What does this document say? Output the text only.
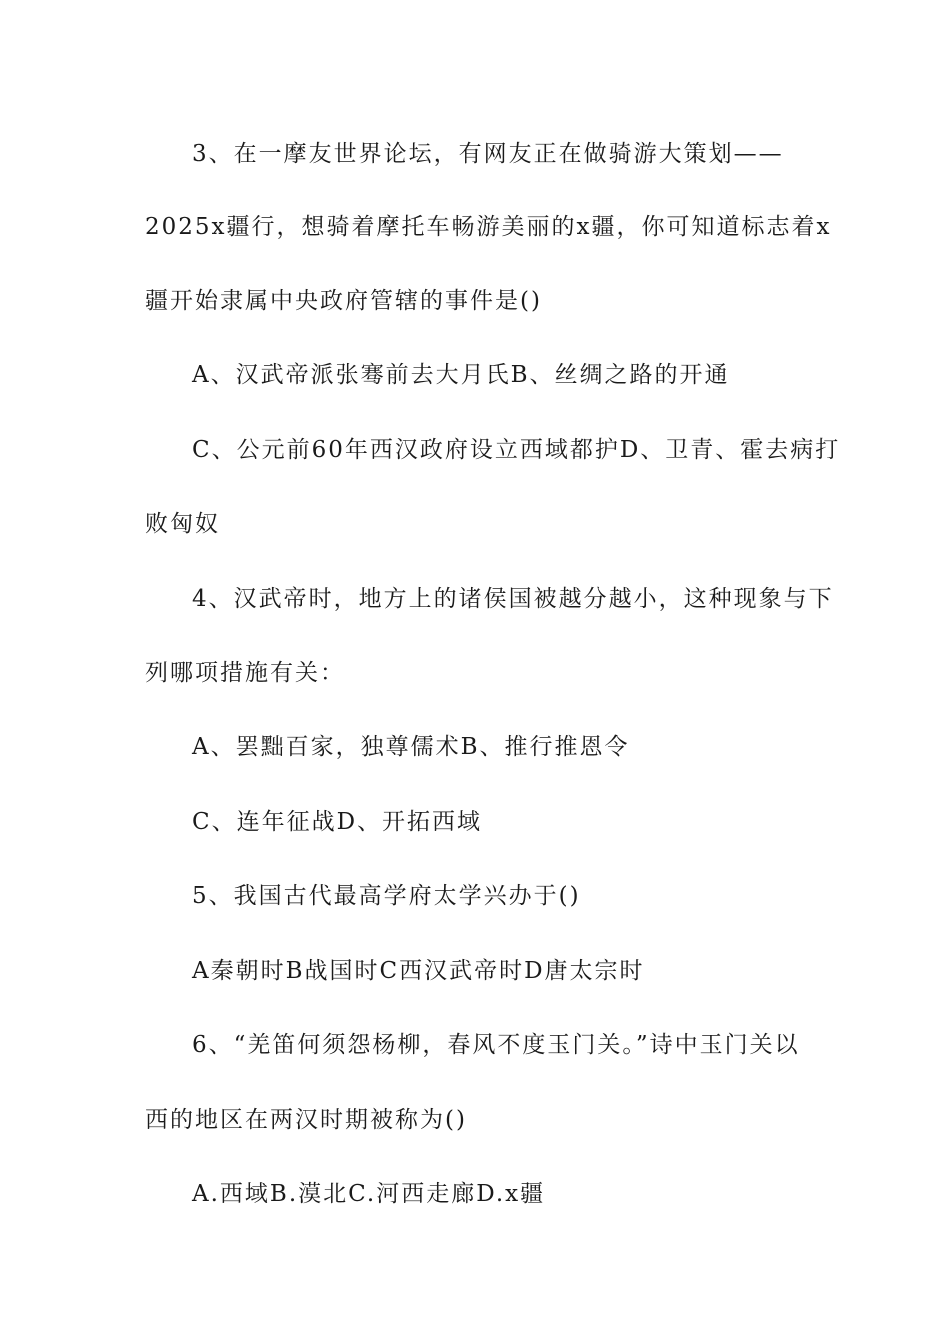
3、在一摩友世界论坛，有网友正在做骑游大策划——
2025x疆行，想骑着摩托车畅游美丽的x疆，你可知道标志着x
疆开始隶属中央政府管辖的事件是()
A、汉武帝派张骞前去大月氏B、丝绸之路的开通
C、公元前60年西汉政府设立西域都护D、卫青、霍去病打
败匈奴
4、汉武帝时，地方上的诸侯国被越分越小，这种现象与下
列哪项措施有关：
A、罢黜百家，独尊儒术B、推行推恩令
C、连年征战D、开拓西域
5、我国古代最高学府太学兴办于()
A秦朝时B战国时C西汉武帝时D唐太宗时
6、“羌笛何须怨杨柳，春风不度玉门关。”诗中玉门关以
西的地区在两汉时期被称为()
A.西域B.漠北C.河西走廊D.x疆
